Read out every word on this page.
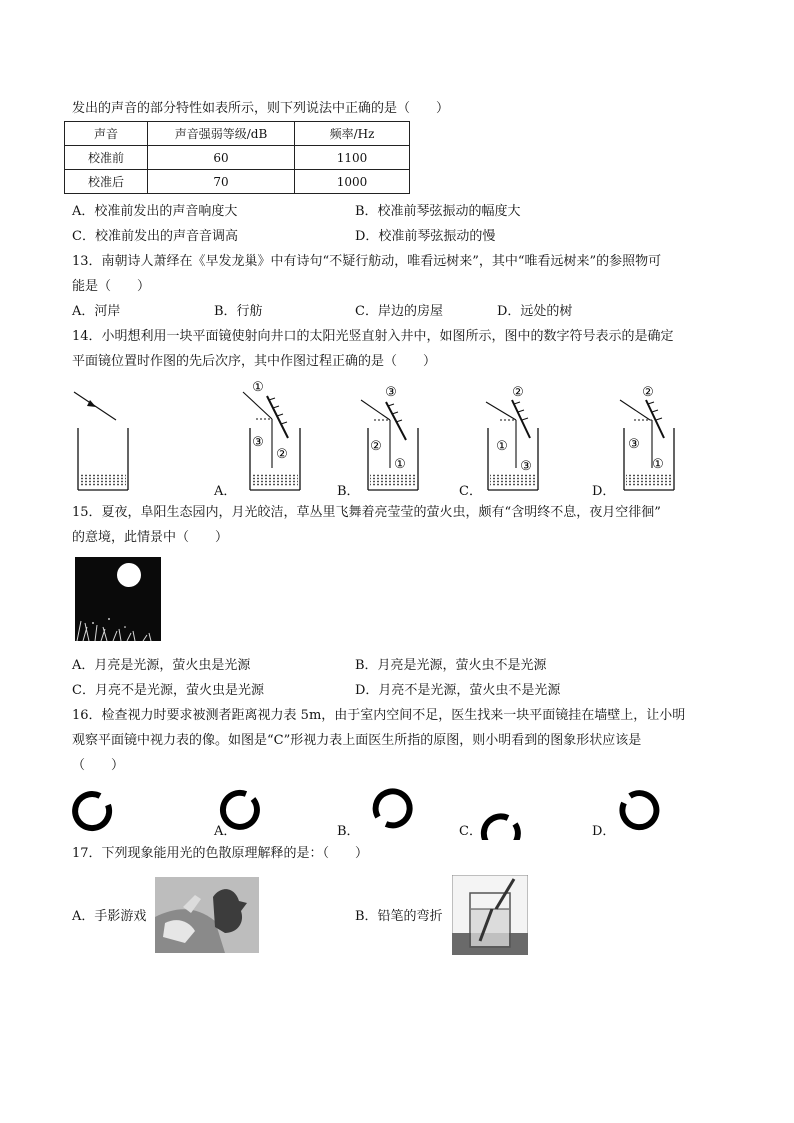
发出的声音的部分特性如表所示，则下列说法中正确的是（　　）
声音	声音强弱等级/dB	频率/Hz
校准前	60	1100
校准后	70	1000
A．校准前发出的声音响度大	B．校准前琴弦振动的幅度大
C．校准前发出的声音音调高	D．校准前琴弦振动的慢
13．南朝诗人萧绎在《早发龙巢》中有诗句“不疑行舫动，唯看远树来”，其中“唯看远树来”的参照物可
能是（　　）
A．河岸	B．行舫	C．岸边的房屋	D．远处的树
14．小明想利用一块平面镜使射向井口的太阳光竖直射入井中，如图所示，图中的数字符号表示的是确定
平面镜位置时作图的先后次序，其中作图过程正确的是（　　）
①
③
②
③
②
①
②
①
③
②
③
①
A．	B．	C．	D．
15．夏夜，阜阳生态园内，月光皎洁，草丛里飞舞着亮莹莹的萤火虫，颇有“含明终不息，夜月空徘徊”
的意境，此情景中（　　）
A．月亮是光源，萤火虫是光源	B．月亮是光源，萤火虫不是光源
C．月亮不是光源，萤火虫是光源	D．月亮不是光源，萤火虫不是光源
16．检查视力时要求被测者距离视力表 5m，由于室内空间不足，医生找来一块平面镜挂在墙壁上，让小明
观察平面镜中视力表的像。如图是“C”形视力表上面医生所指的原图，则小明看到的图象形状应该是
（　　）
A．	B．	C．	D．
17．下列现象能用光的色散原理解释的是：（　　）
A．手影游戏	B．铅笔的弯折
